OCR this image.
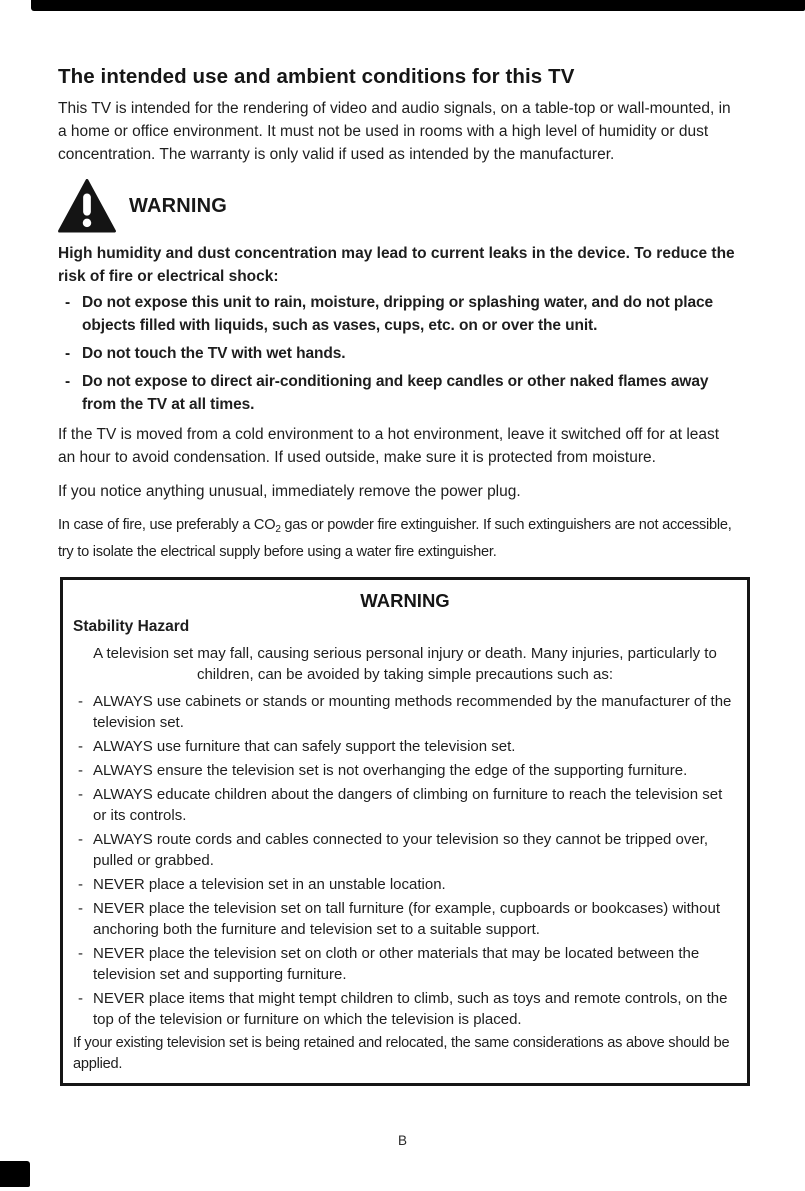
The intended use and ambient conditions for this TV

This TV is intended for the rendering of video and audio signals, on a table-top or wall-mounted, in a home or office environment. It must not be used in rooms with a high level of humidity or dust concentration. The warranty is only valid if used as intended by the manufacturer.

WARNING

High humidity and dust concentration may lead to current leaks in the device. To reduce the risk of fire or electrical shock:

- Do not expose this unit to rain, moisture, dripping or splashing water, and do not place objects filled with liquids, such as vases, cups, etc. on or over the unit.
- Do not touch the TV with wet hands.
- Do not expose to direct air-conditioning and keep candles or other naked flames away from the TV at all times.

If the TV is moved from a cold environment to a hot environment, leave it switched off for at least an hour to avoid condensation. If used outside, make sure it is protected from moisture.

If you notice anything unusual, immediately remove the power plug.

In case of fire, use preferably a $CO_2$ gas or powder fire extinguisher. If such extinguishers are not accessible, try to isolate the electrical supply before using a water fire extinguisher.

WARNING
Stability Hazard

A television set may fall, causing serious personal injury or death. Many injuries, particularly to children, can be avoided by taking simple precautions such as:

- ALWAYS use cabinets or stands or mounting methods recommended by the manufacturer of the television set.
- ALWAYS use furniture that can safely support the television set.
- ALWAYS ensure the television set is not overhanging the edge of the supporting furniture.
- ALWAYS educate children about the dangers of climbing on furniture to reach the television set or its controls.
- ALWAYS route cords and cables connected to your television so they cannot be tripped over, pulled or grabbed.
- NEVER place a television set in an unstable location.
- NEVER place the television set on tall furniture (for example, cupboards or bookcases) without anchoring both the furniture and television set to a suitable support.
- NEVER place the television set on cloth or other materials that may be located between the television set and supporting furniture.
- NEVER place items that might tempt children to climb, such as toys and remote controls, on the top of the television or furniture on which the television is placed.

If your existing television set is being retained and relocated, the same considerations as above should be applied.

B
